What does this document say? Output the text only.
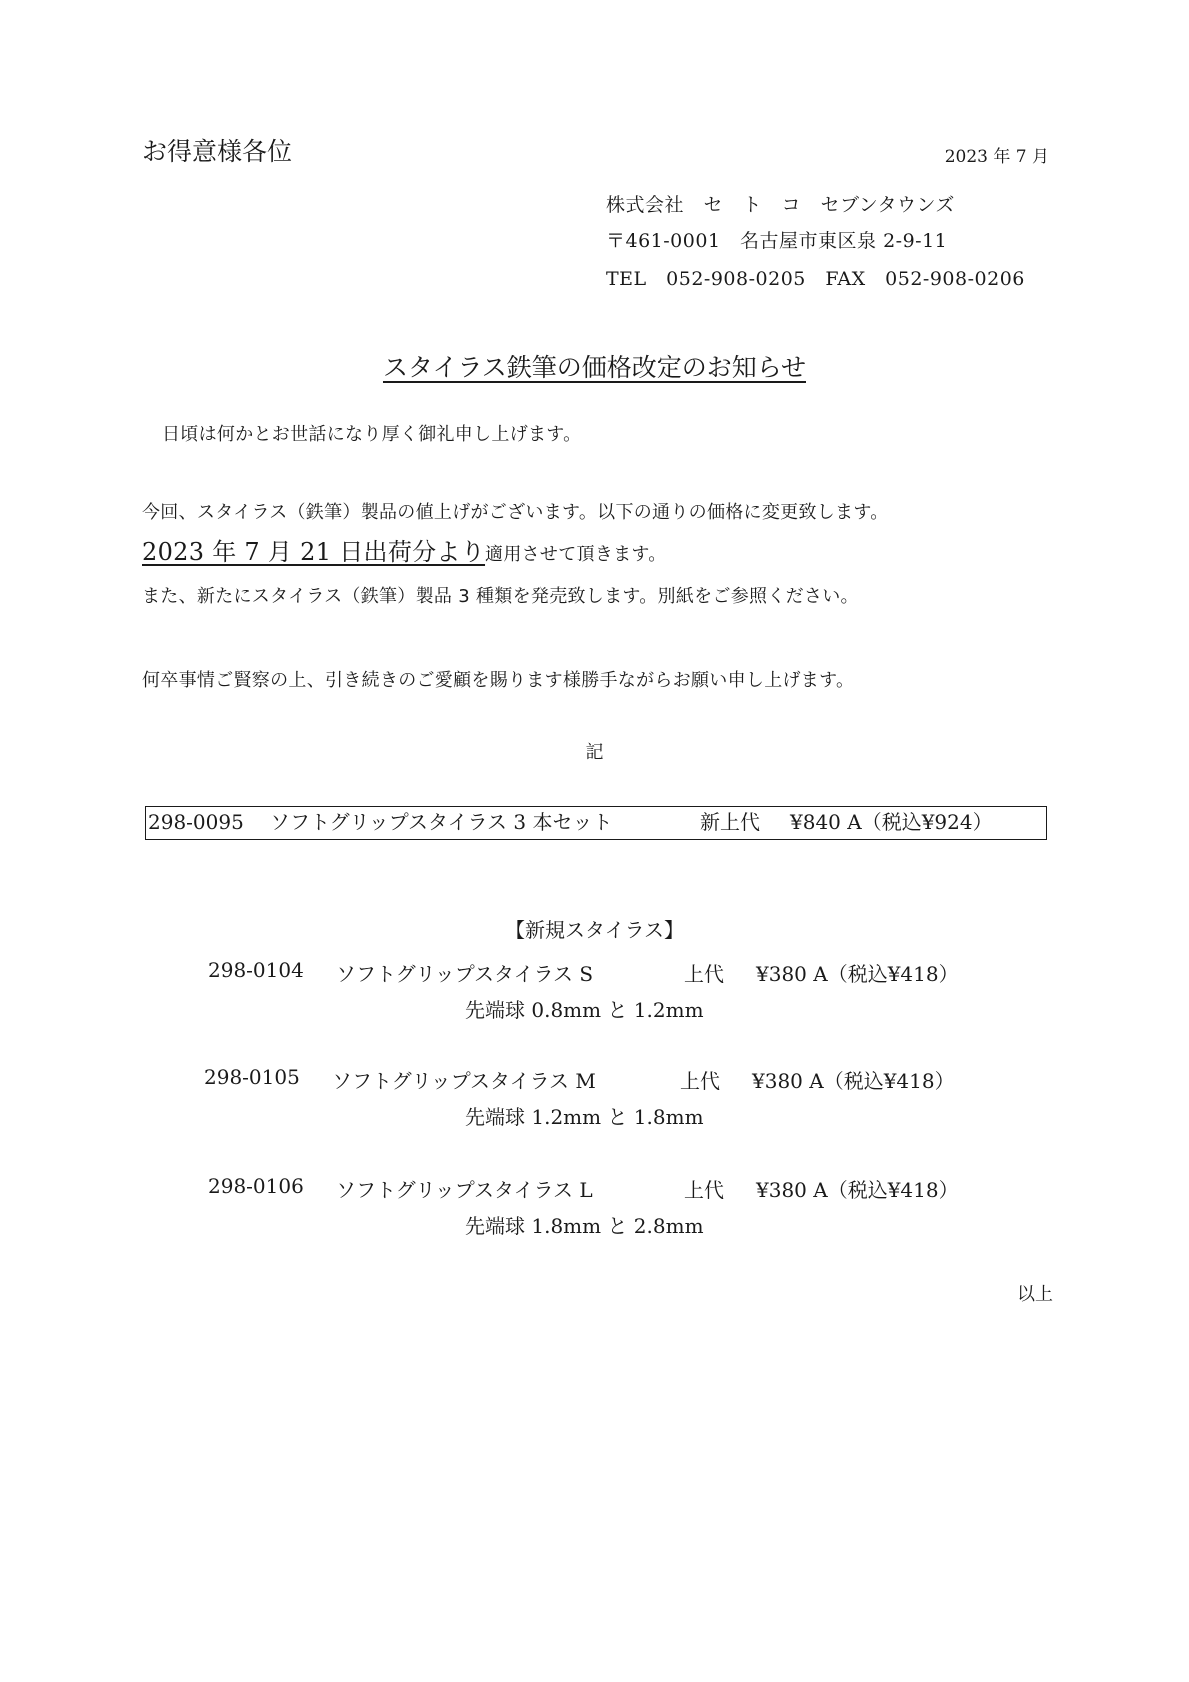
お得意様各位	2023 年 7 月
株式会社　セ　ト　コ　セブンタウンズ
〒461-0001　名古屋市東区泉 2-9-11
TEL　052-908-0205　FAX　052-908-0206
スタイラス鉄筆の価格改定のお知らせ
日頃は何かとお世話になり厚く御礼申し上げます。
今回、スタイラス（鉄筆）製品の値上げがございます。以下の通りの価格に変更致します。
2023 年 7 月 21 日出荷分より適用させて頂きます。
また、新たにスタイラス（鉄筆）製品 3 種類を発売致します。別紙をご参照ください。
何卒事情ご賢察の上、引き続きのご愛顧を賜ります様勝手ながらお願い申し上げます。
記
298-0095	ソフトグリップスタイラス 3 本セット	新上代	¥840 A（税込¥924）
【新規スタイラス】
298-0104	ソフトグリップスタイラス S	上代	¥380 A（税込¥418）
先端球 0.8mm と 1.2mm
298-0105	ソフトグリップスタイラス M	上代	¥380 A（税込¥418）
先端球 1.2mm と 1.8mm
298-0106	ソフトグリップスタイラス L	上代	¥380 A（税込¥418）
先端球 1.8mm と 2.8mm
以上
